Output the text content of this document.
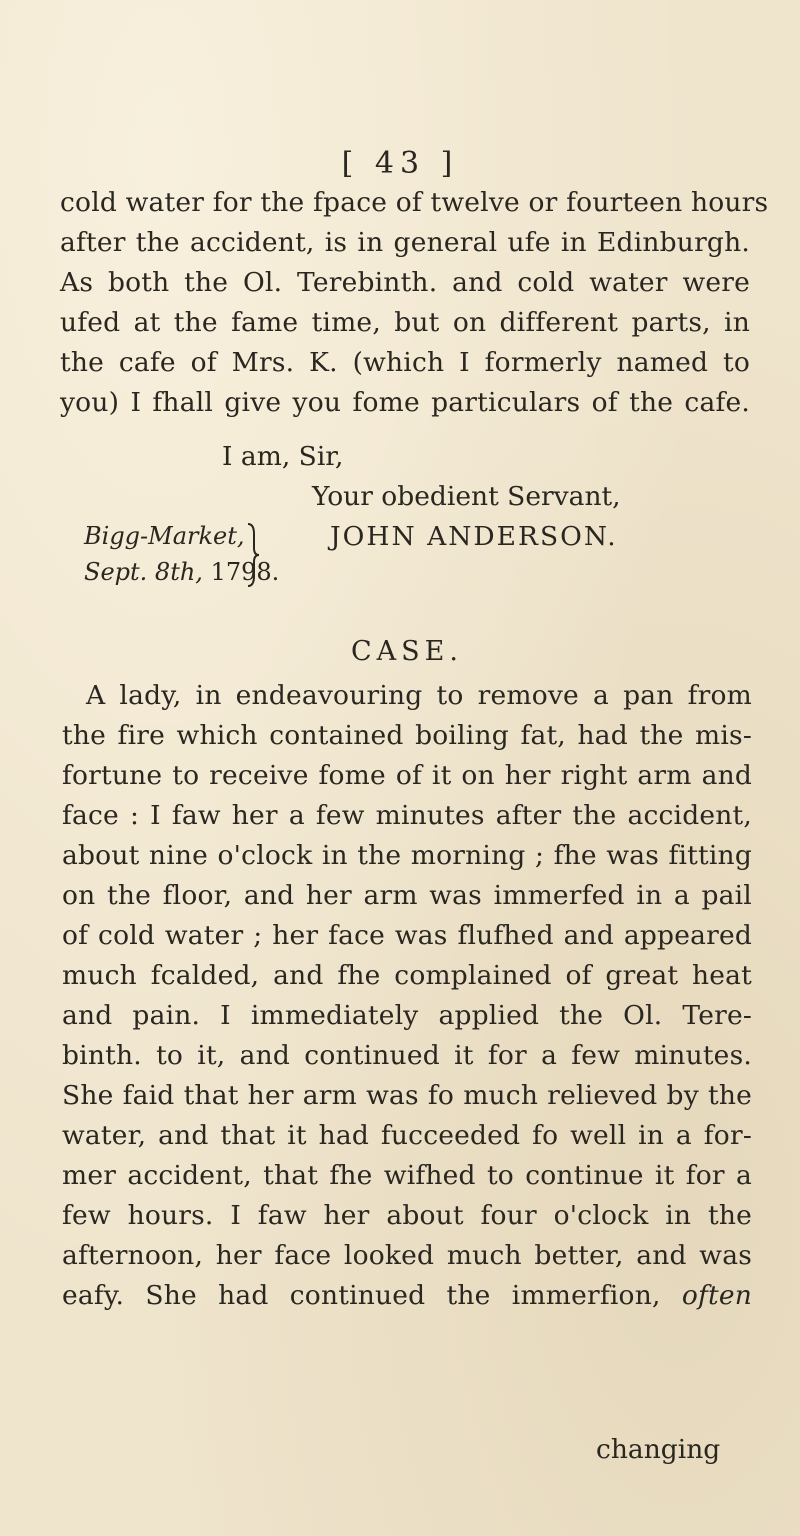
[ 43 ]
cold water for the fpace of twelve or fourteen hours
after the accident, is in general ufe in Edinburgh.
As both the Ol. Terebinth. and cold water were
ufed at the fame time, but on different parts, in
the cafe of Mrs. K. (which I formerly named to
you) I fhall give you fome particulars of the cafe.
I am, Sir,
Your obedient Servant,
JOHN ANDERSON.
Bigg-Market,
Sept. 8th, 1798.
CASE.
A lady, in endeavouring to remove a pan from
the fire which contained boiling fat, had the mis-
fortune to receive fome of it on her right arm and
face : I faw her a few minutes after the accident,
about nine o'clock in the morning ; fhe was fitting
on the floor, and her arm was immerfed in a pail
of cold water ; her face was flufhed and appeared
much fcalded, and fhe complained of great heat
and pain. I immediately applied the Ol. Tere-
binth. to it, and continued it for a few minutes.
She faid that her arm was fo much relieved by the
water, and that it had fucceeded fo well in a for-
mer accident, that fhe wifhed to continue it for a
few hours. I faw her about four o'clock in the
afternoon, her face looked much better, and was
eafy. She had continued the immerfion, often
changing
